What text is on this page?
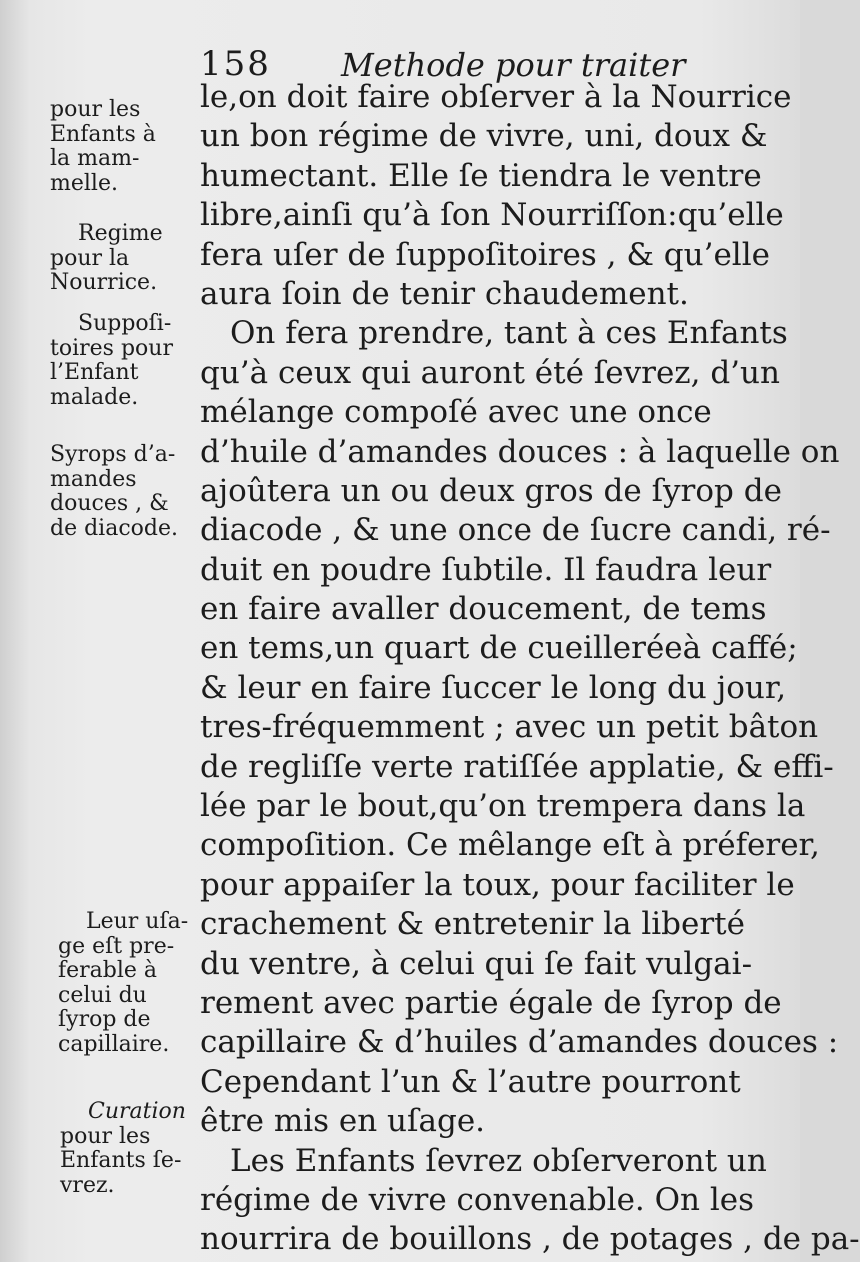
158 Methode pour traiter
le,on doit faire obſerver à la Nourrice
un bon régime de vivre, uni, doux &
humectant. Elle ſe tiendra le ventre
libre,ainſi qu’à ſon Nourriſſon:qu’elle
fera uſer de ſuppoſitoires , & qu’elle
aura ſoin de tenir chaudement.
On fera prendre, tant à ces Enfants
qu’à ceux qui auront été ſevrez, d’un
mélange compoſé avec une once
d’huile d’amandes douces : à laquelle on
ajoûtera un ou deux gros de ſyrop de
diacode , & une once de ſucre candi, ré-
duit en poudre ſubtile. Il faudra leur
en faire avaller doucement, de tems
en tems,un quart de cueilleréeà caffé;
& leur en faire ſuccer le long du jour,
tres-fréquemment ; avec un petit bâton
de regliſſe verte ratiſſée applatie, & effi-
lée par le bout,qu’on trempera dans la
compoſition. Ce mêlange eſt à préferer,
pour appaiſer la toux, pour faciliter le
crachement & entretenir la liberté
du ventre, à celui qui ſe fait vulgai-
rement avec partie égale de ſyrop de
capillaire & d’huiles d’amandes douces :
Cependant l’un & l’autre pourront
être mis en uſage.
Les Enfants ſevrez obſerveront un
régime de vivre convenable. On les
nourrira de bouillons , de potages , de pa-
pour les
Enfants à
la mam-
melle.
Regime
pour la
Nourrice.
Suppoſi-
toires pour
l’Enfant
malade.
Syrops d’a-
mandes
douces , &
de diacode.
Leur uſa-
ge eſt pre-
ferable à
celui du
ſyrop de
capillaire.
Curation
pour les
Enfants ſe-
vrez.
